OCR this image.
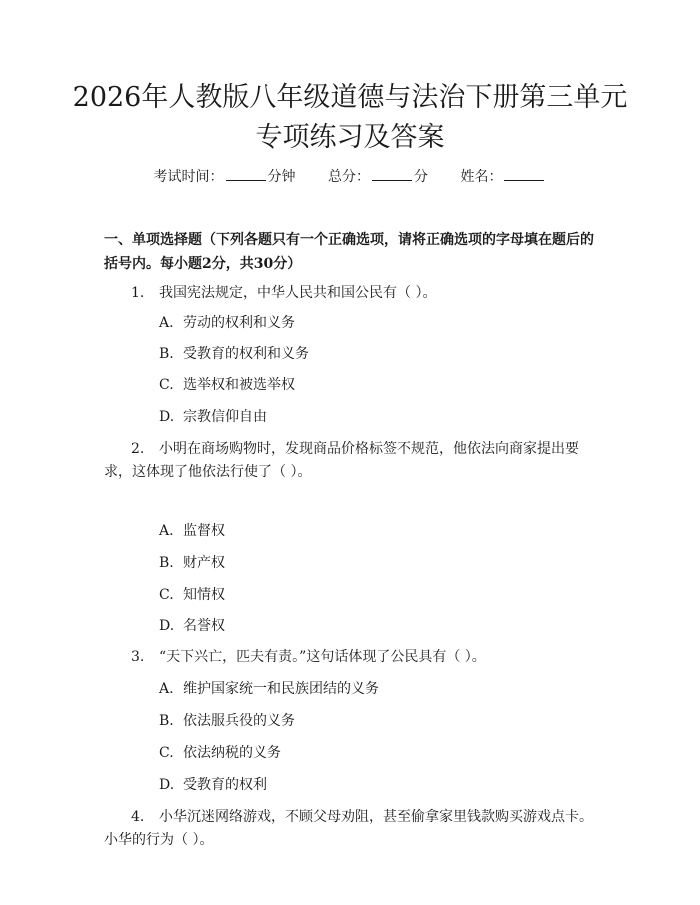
2026年人教版八年级道德与法治下册第三单元专项练习及答案
考试时间：	分钟 总分：	分 姓名：
一、单项选择题（下列各题只有一个正确选项，请将正确选项的字母填在题后的括号内。每小题2分，共30分）
1. 我国宪法规定，中华人民共和国公民有（ ）。
A. 劳动的权利和义务
B. 受教育的权利和义务
C. 选举权和被选举权
D. 宗教信仰自由
2. 小明在商场购物时，发现商品价格标签不规范，他依法向商家提出要求，这体现了他依法行使了（ ）。
A. 监督权
B. 财产权
C. 知情权
D. 名誉权
3. “天下兴亡，匹夫有责。”这句话体现了公民具有（ ）。
A. 维护国家统一和民族团结的义务
B. 依法服兵役的义务
C. 依法纳税的义务
D. 受教育的权利
4. 小华沉迷网络游戏，不顾父母劝阻，甚至偷拿家里钱款购买游戏点卡。小华的行为（ ）。
